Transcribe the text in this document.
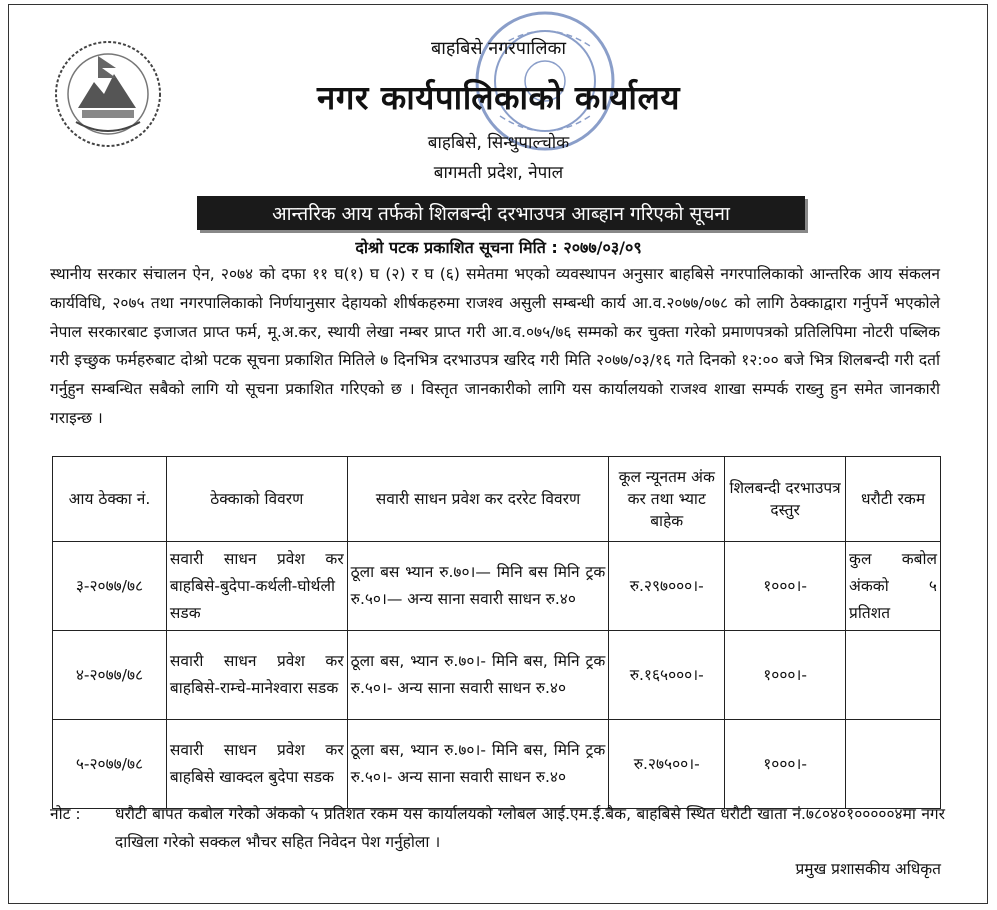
बाहबिसे नगरपालिका
नगर कार्यपालिकाको कार्यालय
बाहबिसे, सिन्धुपाल्चोक
बागमती प्रदेश, नेपाल
आन्तरिक आय तर्फको शिलबन्दी दरभाउपत्र आब्हान गरिएको सूचना
दोश्रो पटक प्रकाशित सूचना मिति : २०७७/०३/०९
स्थानीय सरकार संचालन ऐन, २०७४ को दफा ११ घ(१) घ (२) र घ (६) समेतमा भएको व्यवस्थापन अनुसार बाहबिसे नगरपालिकाको आन्तरिक आय संकलन कार्यविधि, २०७५ तथा नगरपालिकाको निर्णयानुसार देहायको शीर्षकहरुमा राजश्व असुली सम्बन्धी कार्य आ.व.२०७७/०७८ को लागि ठेक्काद्वारा गर्नुपर्ने भएकोले नेपाल सरकारबाट इजाजत प्राप्त फर्म, मू.अ.कर, स्थायी लेखा नम्बर प्राप्त गरी आ.व.०७५/७६ सम्मको कर चुक्ता गरेको प्रमाणपत्रको प्रतिलिपिमा नोटरी पब्लिक गरी इच्छुक फर्महरुबाट दोश्रो पटक सूचना प्रकाशित मितिले ७ दिनभित्र दरभाउपत्र खरिद गरी मिति २०७७/०३/१६ गते दिनको १२:०० बजे भित्र शिलबन्दी गरी दर्ता गर्नुहुन सम्बन्धित सबैको लागि यो सूचना प्रकाशित गरिएको छ । विस्तृत जानकारीको लागि यस कार्यालयको राजश्व शाखा सम्पर्क राख्नु हुन समेत जानकारी गराइन्छ ।
आय ठेक्का नं.	ठेक्काको विवरण	सवारी साधन प्रवेश कर दररेट विवरण	कूल न्यूनतम अंक कर तथा भ्याट बाहेक	शिलबन्दी दरभाउपत्र दस्तुर	धरौटी रकम
३-२०७७/७८	सवारी साधन प्रवेश कर बाहबिसे-बुदेपा-कर्थली-घोर्थली सडक	ठूला बस भ्यान रु.७०।— मिनि बस मिनि ट्रक रु.५०।— अन्य साना सवारी साधन रु.४०	रु.२९७०००।-	१०००।-	कुल कबोल अंकको ५ प्रतिशत
४-२०७७/७८	सवारी साधन प्रवेश कर बाहबिसे-राम्चे-मानेश्वारा सडक	ठूला बस, भ्यान रु.७०।- मिनि बस, मिनि ट्रक रु.५०।- अन्य साना सवारी साधन रु.४०	रु.१६५०००।-	१०००।-	
५-२०७७/७८	सवारी साधन प्रवेश कर बाहबिसे खाक्दल बुदेपा सडक	ठूला बस, भ्यान रु.७०।- मिनि बस, मिनि ट्रक रु.५०।- अन्य साना सवारी साधन रु.४०	रु.२७५००।-	१०००।-	
नोट : धरौटी बापत कबोल गरेको अंकको ५ प्रतिशत रकम यस कार्यालयको ग्लोबल आई.एम.ई.बैक, बाहबिसे स्थित धरौटी खाता नं.७८०४०१०००००४मा नगर दाखिला गरेको सक्कल भौचर सहित निवेदन पेश गर्नुहोला ।
प्रमुख प्रशासकीय अधिकृत
